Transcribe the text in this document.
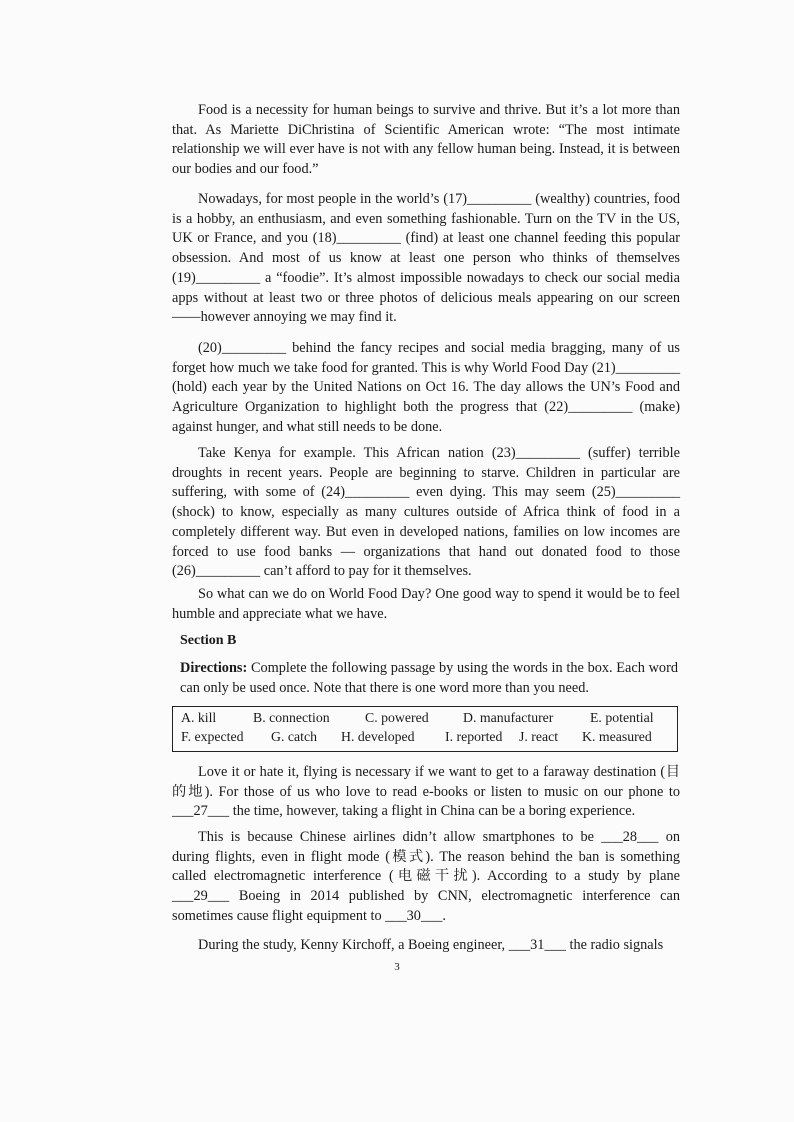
Food is a necessity for human beings to survive and thrive. But it’s a lot more than that. As Mariette DiChristina of Scientific American wrote: “The most intimate relationship we will ever have is not with any fellow human being. Instead, it is between our bodies and our food.”

Nowadays, for most people in the world’s (17)_________ (wealthy) countries, food is a hobby, an enthusiasm, and even something fashionable. Turn on the TV in the US, UK or France, and you (18)_________ (find) at least one channel feeding this popular obsession. And most of us know at least one person who thinks of themselves (19)_________ a “foodie”. It’s almost impossible nowadays to check our social media apps without at least two or three photos of delicious meals appearing on our screen——however annoying we may find it.

(20)_________ behind the fancy recipes and social media bragging, many of us forget how much we take food for granted. This is why World Food Day (21)_________ (hold) each year by the United Nations on Oct 16. The day allows the UN’s Food and Agriculture Organization to highlight both the progress that (22)_________ (make) against hunger, and what still needs to be done.

Take Kenya for example. This African nation (23)_________ (suffer) terrible droughts in recent years. People are beginning to starve. Children in particular are suffering, with some of (24)_________ even dying. This may seem (25)_________ (shock) to know, especially as many cultures outside of Africa think of food in a completely different way. But even in developed nations, families on low incomes are forced to use food banks — organizations that hand out donated food to those (26)_________ can’t afford to pay for it themselves.

So what can we do on World Food Day? One good way to spend it would be to feel humble and appreciate what we have.

Section B

Directions: Complete the following passage by using the words in the box. Each word can only be used once. Note that there is one word more than you need.

A. kill	B. connection	C. powered D. manufacturer	E. potential
F. expected G. catch H. developed I. reported J. react K. measured

Love it or hate it, flying is necessary if we want to get to a faraway destination (目的地). For those of us who love to read e-books or listen to music on our phone to ___27___ the time, however, taking a flight in China can be a boring experience.

This is because Chinese airlines didn’t allow smartphones to be ___28___ on during flights, even in flight mode (模式). The reason behind the ban is something called electromagnetic interference (电磁干扰). According to a study by plane ___29___ Boeing in 2014 published by CNN, electromagnetic interference can sometimes cause flight equipment to ___30___.

During the study, Kenny Kirchoff, a Boeing engineer, ___31___ the radio signals

3
